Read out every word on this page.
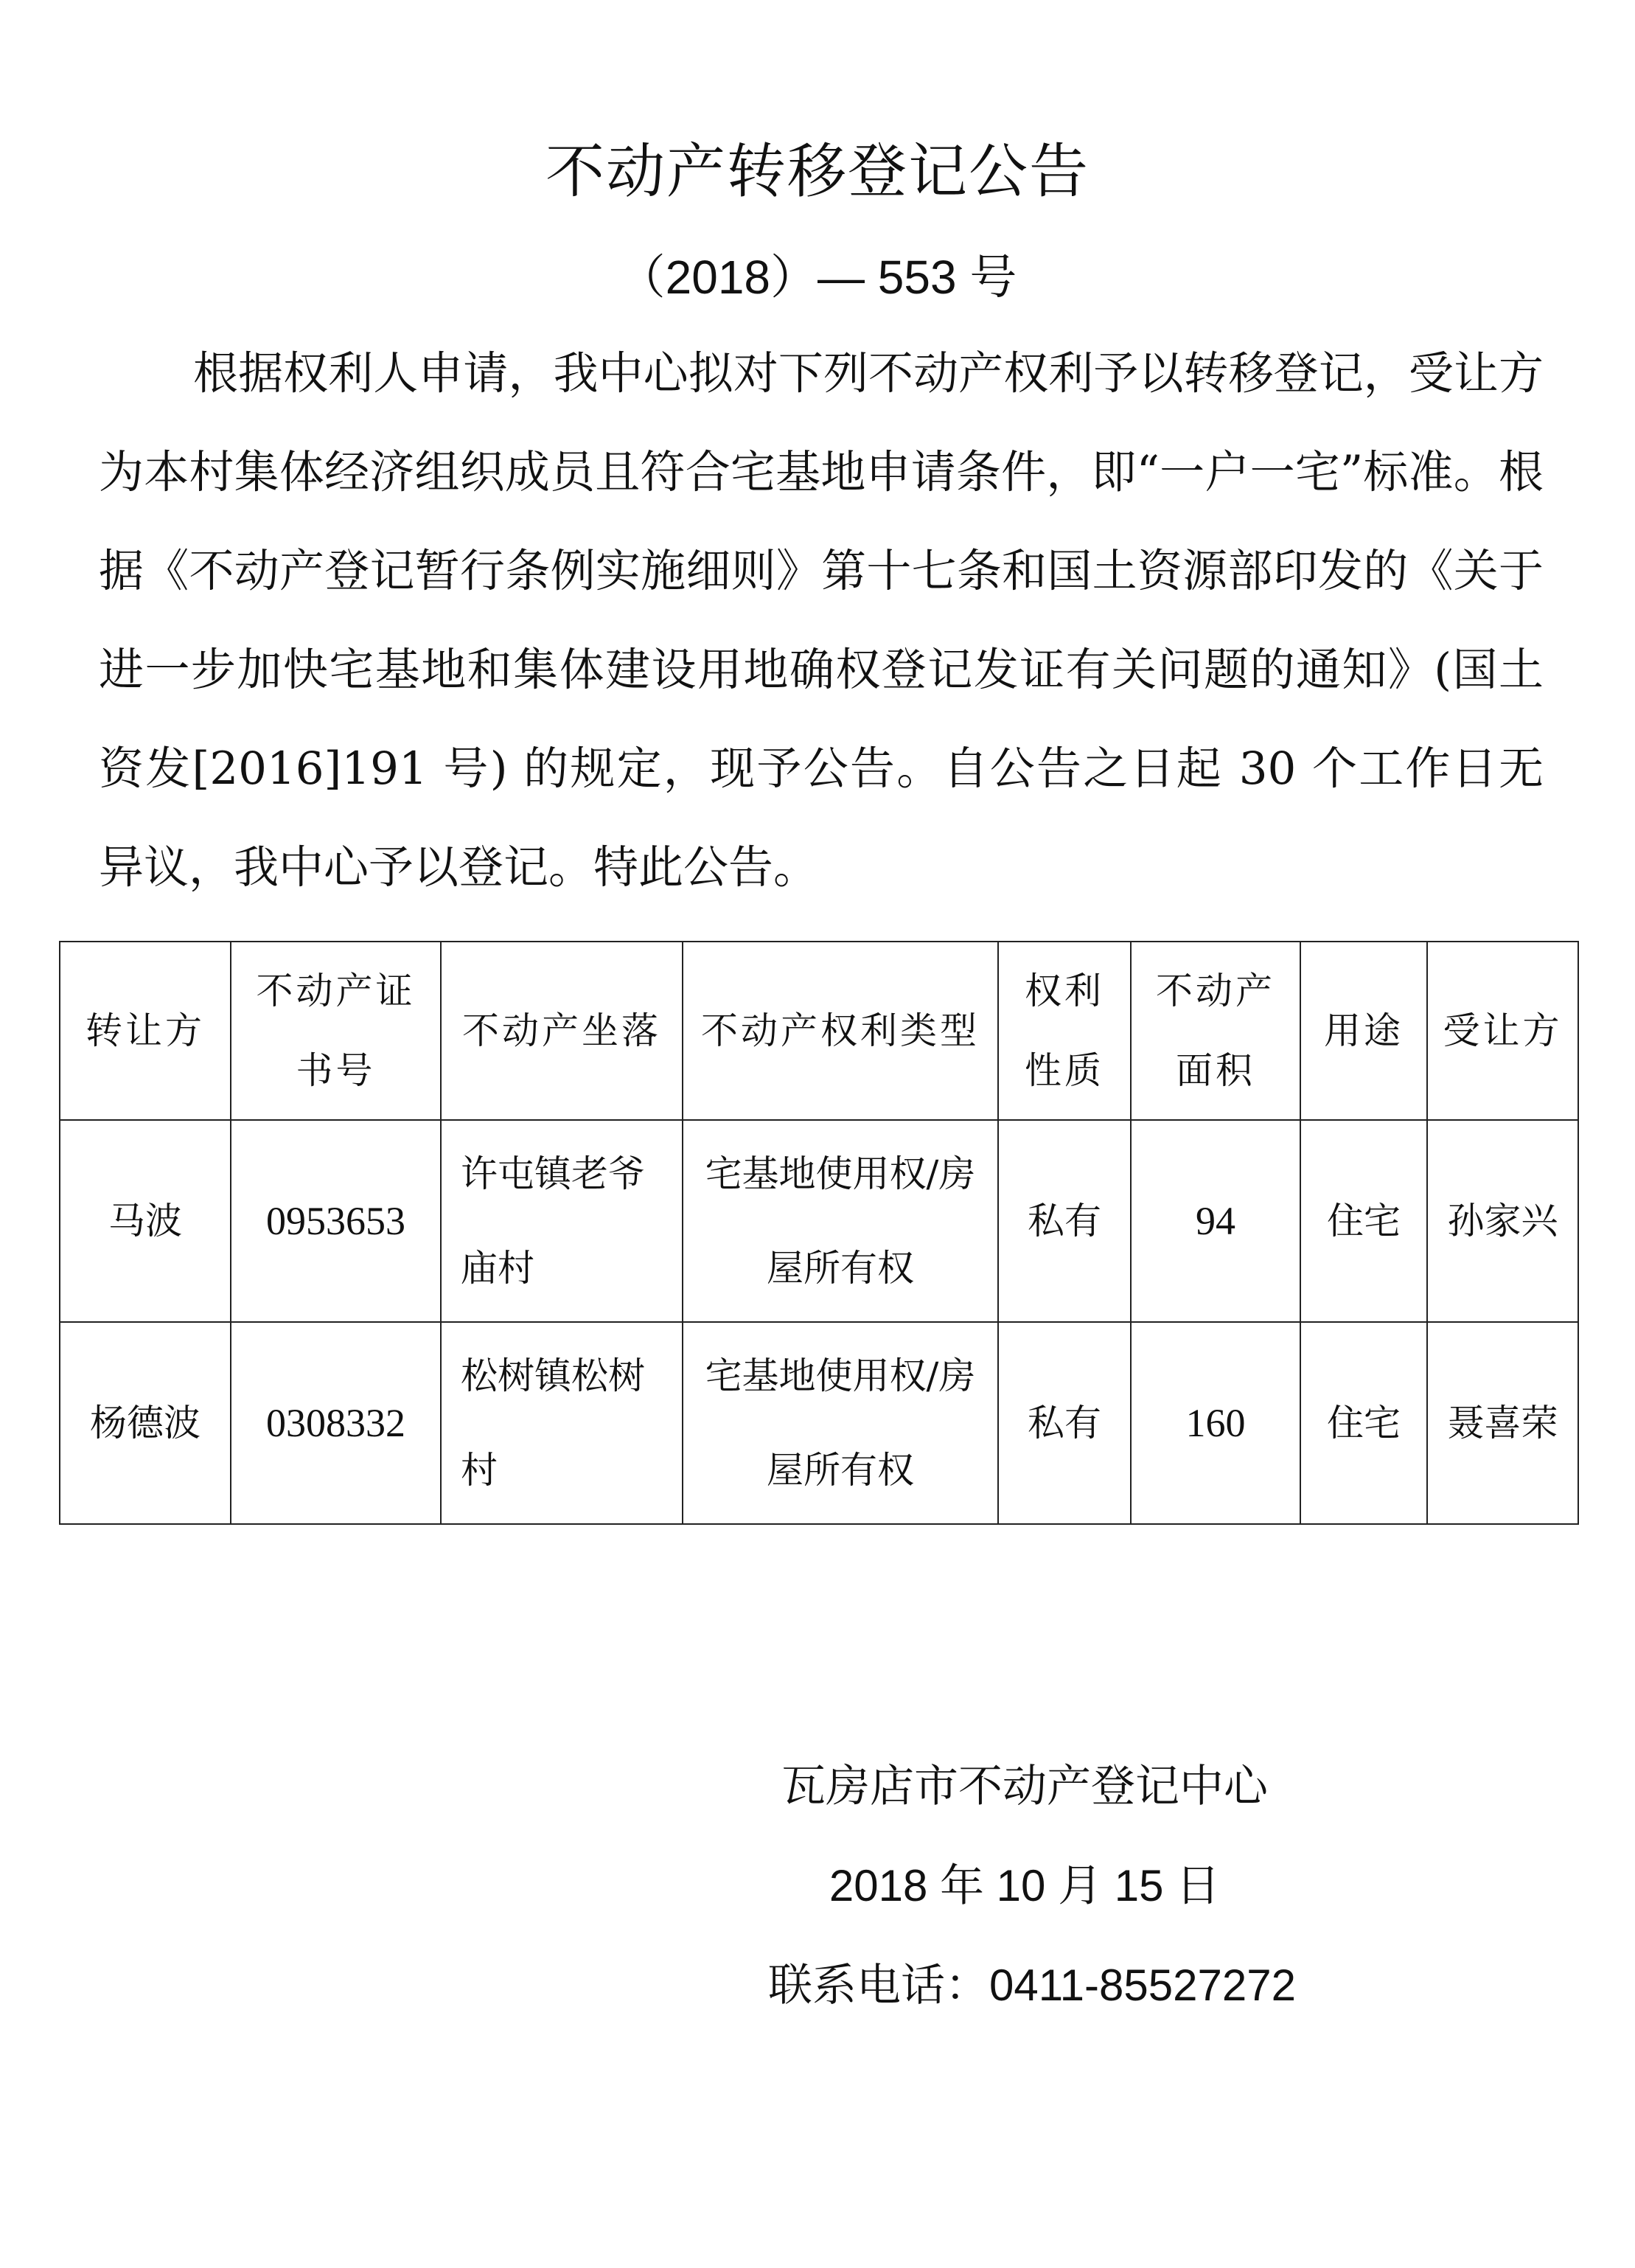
不动产转移登记公告
（2018）— 553 号
根据权利人申请，我中心拟对下列不动产权利予以转移登记，受让方为本村集体经济组织成员且符合宅基地申请条件，即“一户一宅”标准。根据《不动产登记暂行条例实施细则》第十七条和国土资源部印发的《关于进一步加快宅基地和集体建设用地确权登记发证有关问题的通知》(国土资发[2016]191 号) 的规定，现予公告。自公告之日起 30 个工作日无异议，我中心予以登记。特此公告。
转让方	不动产证书号	不动产坐落	不动产权利类型	权利性质	不动产面积	用途	受让方
马波	0953653	许屯镇老爷庙村	宅基地使用权/房屋所有权	私有	94	住宅	孙家兴
杨德波	0308332	松树镇松树村	宅基地使用权/房屋所有权	私有	160	住宅	聂喜荣
瓦房店市不动产登记中心
2018 年 10 月 15 日
联系电话：0411-85527272
